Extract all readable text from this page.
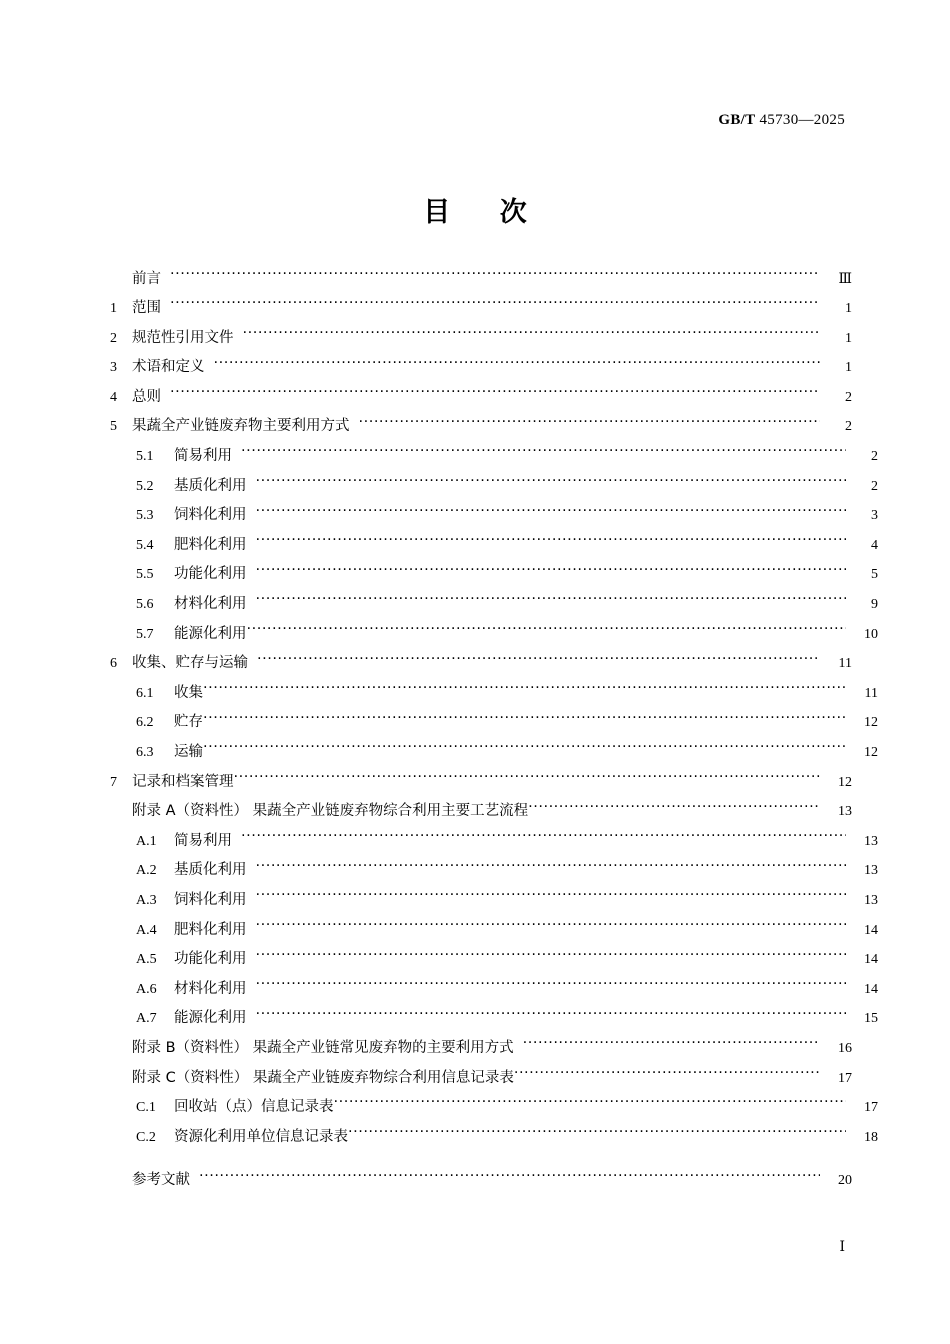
GB/T 45730—2025
目 次
前言 ·····	Ⅲ
1	范围 ·····	1
2	规范性引用文件 ·····	1
3	术语和定义 ·····	1
4	总则 ·····	2
5	果蔬全产业链废弃物主要利用方式 ·····	2
5.1	简易利用 ·····	2
5.2	基质化利用 ·····	2
5.3	饲料化利用 ·····	3
5.4	肥料化利用 ·····	4
5.5	功能化利用 ·····	5
5.6	材料化利用 ·····	9
5.7	能源化利用 ·····	10
6	收集、贮存与运输 ·····	11
6.1	收集 ·····	11
6.2	贮存 ·····	12
6.3	运输 ·····	12
7	记录和档案管理 ·····	12
附录 A（资料性） 果蔬全产业链废弃物综合利用主要工艺流程 ·····	13
A.1	简易利用 ·····	13
A.2	基质化利用 ·····	13
A.3	饲料化利用 ·····	13
A.4	肥料化利用 ·····	14
A.5	功能化利用 ·····	14
A.6	材料化利用 ·····	14
A.7	能源化利用 ·····	15
附录 B（资料性） 果蔬全产业链常见废弃物的主要利用方式 ·····	16
附录 C（资料性） 果蔬全产业链废弃物综合利用信息记录表 ·····	17
C.1	回收站（点）信息记录表 ·····	17
C.2	资源化利用单位信息记录表 ·····	18
参考文献 ·····	20
Ⅰ
